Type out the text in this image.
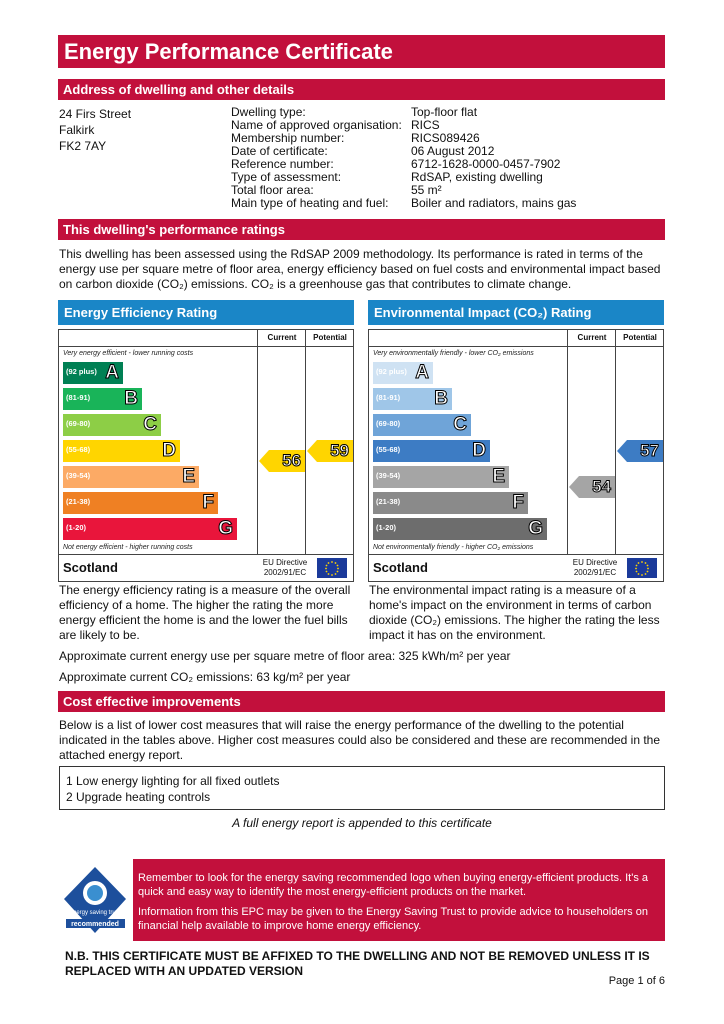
Energy Performance Certificate
Address of dwelling and other details
24 Firs Street
Falkirk
FK2 7AY
Dwelling type:	Top-floor flat
Name of approved organisation: RICS
Membership number:	RICS089426
Date of certificate:	06 August 2012
Reference number:	6712-1628-0000-0457-7902
Type of assessment:	RdSAP, existing dwelling
Total floor area:	55 m²
Main type of heating and fuel:	Boiler and radiators, mains gas
This dwelling's performance ratings
This dwelling has been assessed using the RdSAP 2009 methodology. Its performance is rated in terms of the energy use per square metre of floor area, energy efficiency based on fuel costs and environmental impact based on carbon dioxide (CO₂) emissions. CO₂ is a greenhouse gas that contributes to climate change.
Energy Efficiency Rating
Current	Potential
Very energy efficient - lower running costs
(92 plus) A
(81-91) B
(69-80)	C
(55-68)	D
(39-54)	E
(21-38)	F
(1-20)	G
Not energy efficient - higher running costs
56
59
Scotland	EU Directive 2002/91/EC
Environmental Impact (CO₂) Rating
Current	Potential
Very environmentally friendly - lower CO₂ emissions
(92 plus) A
(81-91) B
(69-80)	C
(55-68)	D
(39-54)	E
(21-38)	F
(1-20)	G
Not environmentally friendly - higher CO₂ emissions
54
57
Scotland	EU Directive 2002/91/EC
The energy efficiency rating is a measure of the overall efficiency of a home. The higher the rating the more energy efficient the home is and the lower the fuel bills are likely to be.
The environmental impact rating is a measure of a home's impact on the environment in terms of carbon dioxide (CO₂) emissions. The higher the rating the less impact it has on the environment.
Approximate current energy use per square metre of floor area: 325 kWh/m² per year
Approximate current CO₂ emissions: 63 kg/m² per year
Cost effective improvements
Below is a list of lower cost measures that will raise the energy performance of the dwelling to the potential indicated in the tables above. Higher cost measures could also be considered and these are recommended in the attached energy report.
1 Low energy lighting for all fixed outlets
2 Upgrade heating controls
A full energy report is appended to this certificate
energy saving trust
recommended
Remember to look for the energy saving recommended logo when buying energy-efficient products. It's a quick and easy way to identify the most energy-efficient products on the market.
Information from this EPC may be given to the Energy Saving Trust to provide advice to householders on financial help available to improve home energy efficiency.
N.B. THIS CERTIFICATE MUST BE AFFIXED TO THE DWELLING AND NOT BE REMOVED UNLESS IT IS REPLACED WITH AN UPDATED VERSION
Page 1 of 6
